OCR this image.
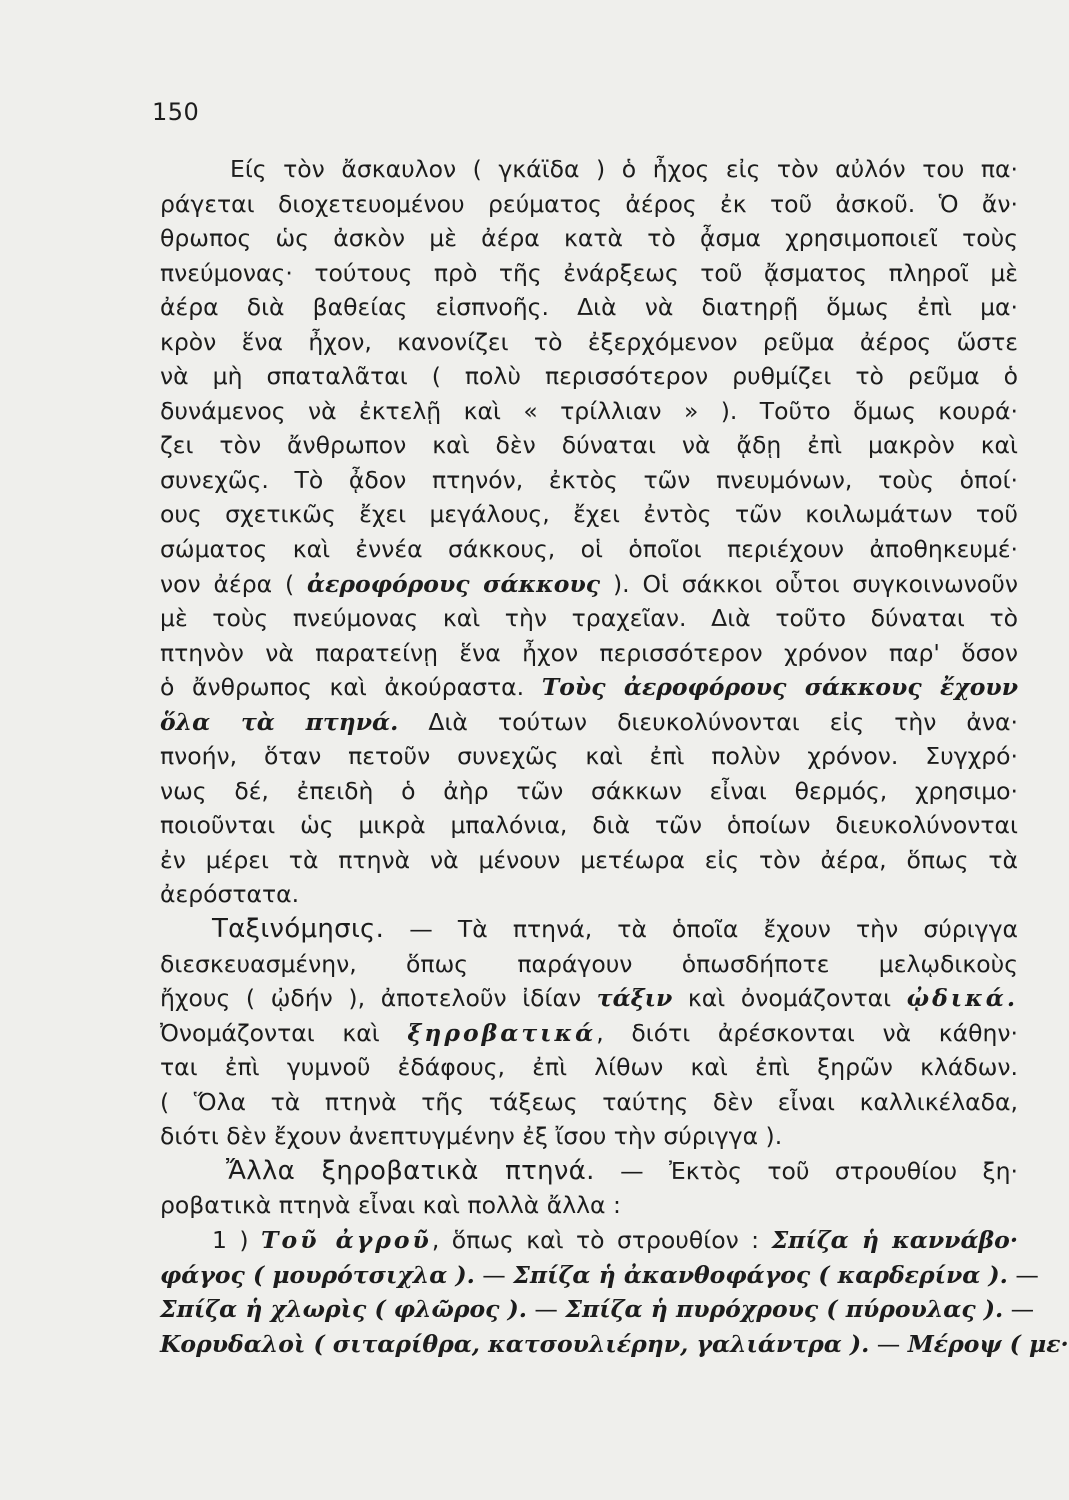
150
Είς τὸν ἄσκαυλον ( γκάϊδα ) ὁ ἦχος εἰς τὸν αὐλόν του πα·
ράγεται διοχετευομένου ρεύματος ἀέρος ἐκ τοῦ ἀσκοῦ. Ὁ ἄν·
θρωπος ὡς ἀσκὸν μὲ ἀέρα κατὰ τὸ ᾆσμα χρησιμοποιεῖ τοὺς
πνεύμονας· τούτους πρὸ τῆς ἐνάρξεως τοῦ ᾄσματος πληροῖ μὲ
ἀέρα διὰ βαθείας εἰσπνοῆς. Διὰ νὰ διατηρῇ ὅμως ἐπὶ μα·
κρὸν ἕνα ἦχον, κανονίζει τὸ ἐξερχόμενον ρεῦμα ἀέρος ὥστε
νὰ μὴ σπαταλᾶται ( πολὺ περισσότερον ρυθμίζει τὸ ρεῦμα ὁ
δυνάμενος νὰ ἐκτελῇ καὶ « τρίλλιαν » ). Τοῦτο ὅμως κουρά·
ζει τὸν ἄνθρωπον καὶ δὲν δύναται νὰ ᾄδῃ ἐπὶ μακρὸν καὶ
συνεχῶς. Τὸ ᾆδον πτηνόν, ἐκτὸς τῶν πνευμόνων, τοὺς ὁποί·
ους σχετικῶς ἔχει μεγάλους, ἔχει ἐντὸς τῶν κοιλωμάτων τοῦ
σώματος καὶ ἐννέα σάκκους, οἱ ὁποῖοι περιέχουν ἀποθηκευμέ·
νον ἀέρα ( ἀεροφόρους σάκκους ). Οἱ σάκκοι οὗτοι συγκοινωνοῦν
μὲ τοὺς πνεύμονας καὶ τὴν τραχεῖαν. Διὰ τοῦτο δύναται τὸ
πτηνὸν νὰ παρατείνῃ ἕνα ἦχον περισσότερον χρόνον παρ' ὅσον
ὁ ἄνθρωπος καὶ ἀκούραστα. Τοὺς ἀεροφόρους σάκκους ἔχουν
ὅλα τὰ πτηνά. Διὰ τούτων διευκολύνονται εἰς τὴν ἀνα·
πνοήν, ὅταν πετοῦν συνεχῶς καὶ ἐπὶ πολὺν χρόνον. Συγχρό·
νως δέ, ἐπειδὴ ὁ ἀὴρ τῶν σάκκων εἶναι θερμός, χρησιμο·
ποιοῦνται ὡς μικρὰ μπαλόνια, διὰ τῶν ὁποίων διευκολύνονται
ἐν μέρει τὰ πτηνὰ νὰ μένουν μετέωρα εἰς τὸν ἀέρα, ὅπως τὰ
ἀερόστατα.
Ταξινόμησις. — Τὰ πτηνά, τὰ ὁποῖα ἔχουν τὴν σύριγγα
διεσκευασμένην, ὅπως παράγουν ὁπωσδήποτε μελῳδικοὺς
ἤχους ( ᾠδήν ), ἀποτελοῦν ἰδίαν τάξιν καὶ ὀνομάζονται ᾠδικά.
Ὀνομάζονται καὶ ξηροβατικά, διότι ἀρέσκονται νὰ κάθην·
ται ἐπὶ γυμνοῦ ἐδάφους, ἐπὶ λίθων καὶ ἐπὶ ξηρῶν κλάδων.
( Ὅλα τὰ πτηνὰ τῆς τάξεως ταύτης δὲν εἶναι καλλικέλαδα,
διότι δὲν ἔχουν ἀνεπτυγμένην ἐξ ἴσου τὴν σύριγγα ).
Ἄλλα ξηροβατικὰ πτηνά. — Ἐκτὸς τοῦ στρουθίου ξη·
ροβατικὰ πτηνὰ εἶναι καὶ πολλὰ ἄλλα :
1 ) Τοῦ ἀγροῦ, ὅπως καὶ τὸ στρουθίον : Σπίζα ἡ καννάβο·
φάγος ( μουρότσιχλα ). — Σπίζα ἡ ἀκανθοφάγος ( καρδερίνα ). —
Σπίζα ἡ χλωρὶς ( φλῶρος ). — Σπίζα ἡ πυρόχρους ( πύρουλας ). —
Κορυδαλοὶ ( σιταρίθρα, κατσουλιέρην, γαλιάντρα ). — Μέροψ ( με·
